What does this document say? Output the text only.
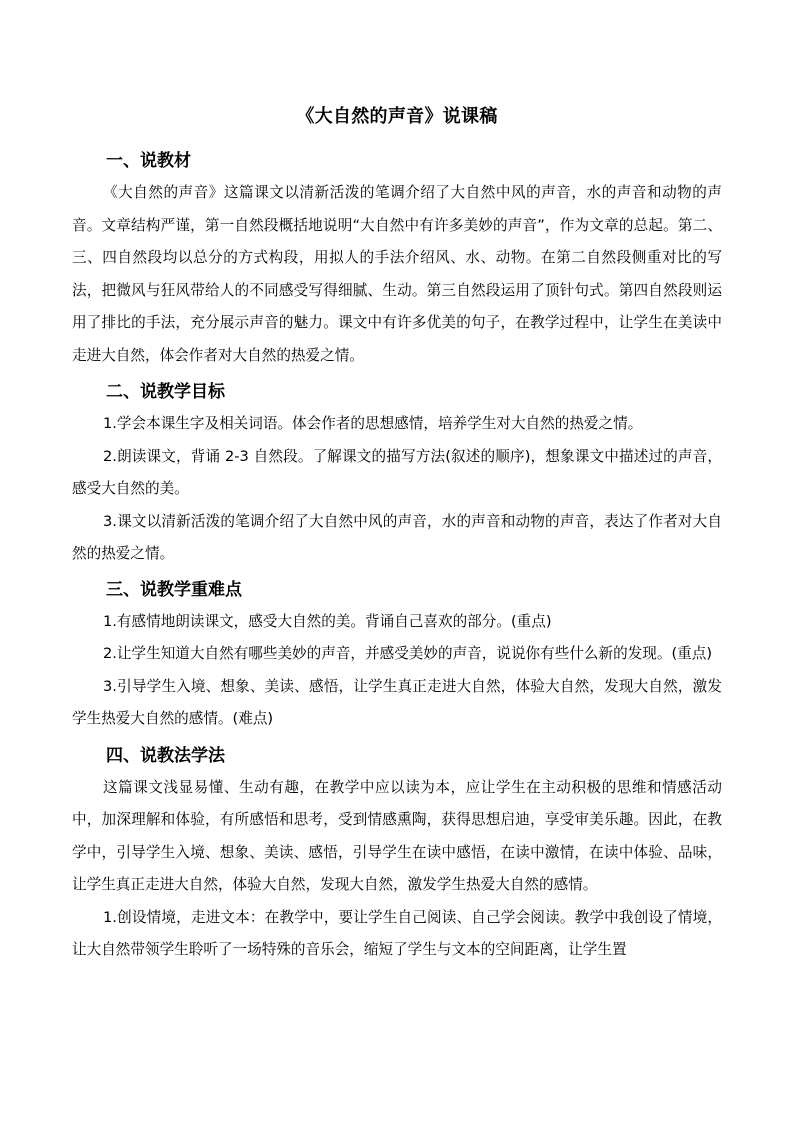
《大自然的声音》说课稿

一、说教材

《大自然的声音》这篇课文以清新活泼的笔调介绍了大自然中风的声音，水的声音和动物的声音。文章结构严谨，第一自然段概括地说明“大自然中有许多美妙的声音”，作为文章的总起。第二、三、四自然段均以总分的方式构段，用拟人的手法介绍风、水、动物。在第二自然段侧重对比的写法，把微风与狂风带给人的不同感受写得细腻、生动。第三自然段运用了顶针句式。第四自然段则运用了排比的手法，充分展示声音的魅力。课文中有许多优美的句子，在教学过程中，让学生在美读中走进大自然，体会作者对大自然的热爱之情。

二、说教学目标

1.学会本课生字及相关词语。体会作者的思想感情，培养学生对大自然的热爱之情。

2.朗读课文，背诵 2-3 自然段。了解课文的描写方法(叙述的顺序)，想象课文中描述过的声音，感受大自然的美。

3.课文以清新活泼的笔调介绍了大自然中风的声音，水的声音和动物的声音，表达了作者对大自然的热爱之情。

三、说教学重难点

1.有感情地朗读课文，感受大自然的美。背诵自己喜欢的部分。(重点)

2.让学生知道大自然有哪些美妙的声音，并感受美妙的声音，说说你有些什么新的发现。(重点)

3.引导学生入境、想象、美读、感悟，让学生真正走进大自然，体验大自然，发现大自然，激发学生热爱大自然的感情。(难点)

四、说教法学法

这篇课文浅显易懂、生动有趣，在教学中应以读为本，应让学生在主动积极的思维和情感活动中，加深理解和体验，有所感悟和思考，受到情感熏陶，获得思想启迪，享受审美乐趣。因此，在教学中，引导学生入境、想象、美读、感悟，引导学生在读中感悟，在读中激情，在读中体验、品味，让学生真正走进大自然，体验大自然，发现大自然，激发学生热爱大自然的感情。

1.创设情境，走进文本：在教学中，要让学生自己阅读、自己学会阅读。教学中我创设了情境，让大自然带领学生聆听了一场特殊的音乐会，缩短了学生与文本的空间距离，让学生置
